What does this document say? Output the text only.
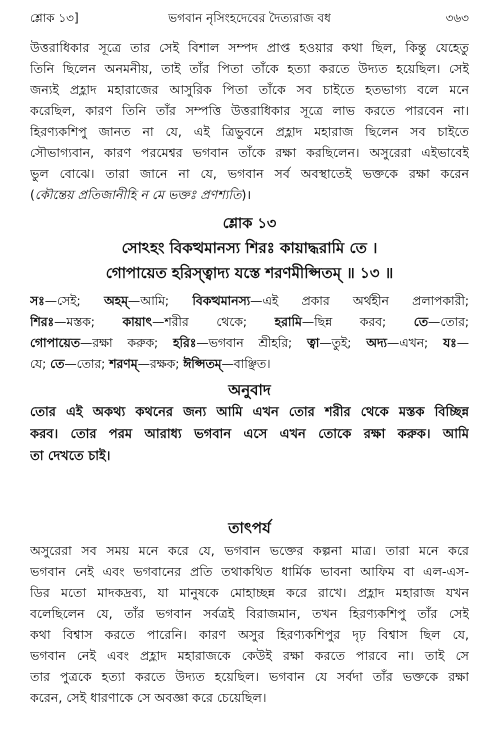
শ্লোক ১৩]	ভগবান নৃসিংহদেবের দৈত্যরাজ বধ	৩৬৩
উত্তরাধিকার সূত্রে তার সেই বিশাল সম্পদ প্রাপ্ত হওয়ার কথা ছিল, কিন্তু যেহেতু
তিনি ছিলেন অনমনীয়, তাই তাঁর পিতা তাঁকে হত্যা করতে উদ্যত হয়েছিল। সেই
জন্যই প্রহ্লাদ মহারাজের আসুরিক পিতা তাঁকে সব চাইতে হতভাগ্য বলে মনে
করেছিল, কারণ তিনি তাঁর সম্পত্তি উত্তরাধিকার সূত্রে লাভ করতে পারবেন না।
হিরণ্যকশিপু জানত না যে, এই ত্রিভুবনে প্রহ্লাদ মহারাজ ছিলেন সব চাইতে
সৌভাগ্যবান, কারণ পরমেশ্বর ভগবান তাঁকে রক্ষা করছিলেন। অসুরেরা এইভাবেই
ভুল বোঝে। তারা জানে না যে, ভগবান সর্ব অবস্থাতেই ভক্তকে রক্ষা করেন
(কৌন্তেয় প্রতিজানীহি ন মে ভক্তঃ প্রণশ্যতি)।
শ্লোক ১৩
সোঽহং বিকত্থমানস্য শিরঃ কায়াদ্ধরামি তে ।
গোপায়েত হরিস্ত্বাদ্য যস্তে শরণমীপ্সিতম্ ॥ ১৩ ॥
সঃ—সেই; অহম্—আমি; বিকত্থমানস্য—এই প্রকার অর্থহীন প্রলাপকারী;
শিরঃ—মস্তক; কায়াৎ—শরীর থেকে; হরামি—ছিন্ন করব; তে—তোর;
গোপায়েত—রক্ষা করুক; হরিঃ—ভগবান শ্রীহরি; ত্বা—তুই; অদ্য—এখন; যঃ—
যে; তে—তোর; শরণম্—রক্ষক; ঈপ্সিতম্—বাঞ্ছিত।
অনুবাদ
তোর এই অকথ্য কথনের জন্য আমি এখন তোর শরীর থেকে মস্তক বিচ্ছিন্ন
করব। তোর পরম আরাধ্য ভগবান এসে এখন তোকে রক্ষা করুক। আমি
তা দেখতে চাই।
তাৎপর্য
অসুরেরা সব সময় মনে করে যে, ভগবান ভক্তের কল্পনা মাত্র। তারা মনে করে
ভগবান নেই এবং ভগবানের প্রতি তথাকথিত ধার্মিক ভাবনা আফিম বা এল-এস-
ডির মতো মাদকদ্রব্য, যা মানুষকে মোহাচ্ছন্ন করে রাখে। প্রহ্লাদ মহারাজ যখন
বলেছিলেন যে, তাঁর ভগবান সর্বত্রই বিরাজমান, তখন হিরণ্যকশিপু তাঁর সেই
কথা বিশ্বাস করতে পারেনি। কারণ অসুর হিরণ্যকশিপুর দৃঢ় বিশ্বাস ছিল যে,
ভগবান নেই এবং প্রহ্লাদ মহারাজকে কেউই রক্ষা করতে পারবে না। তাই সে
তার পুত্রকে হত্যা করতে উদ্যত হয়েছিল। ভগবান যে সর্বদা তাঁর ভক্তকে রক্ষা
করেন, সেই ধারণাকে সে অবজ্ঞা করে চেয়েছিল।
